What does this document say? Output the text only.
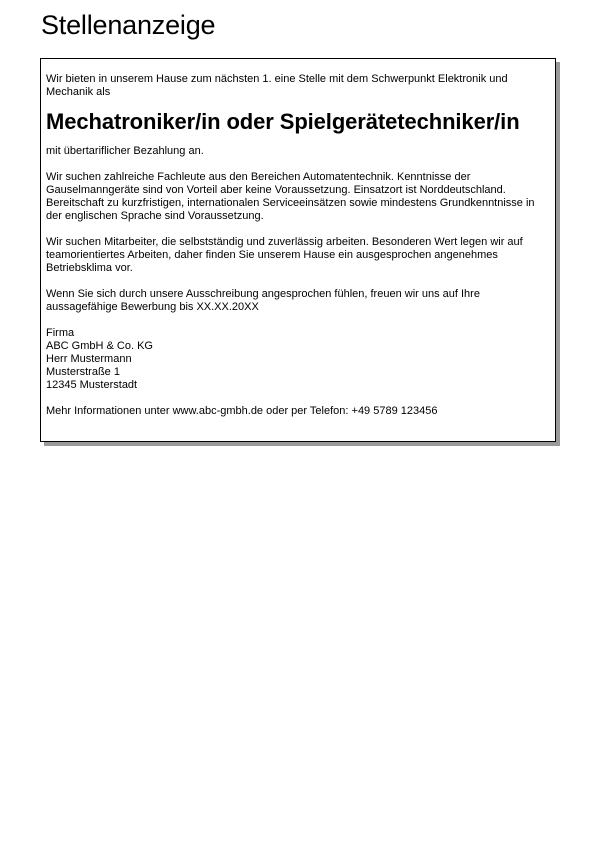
Stellenanzeige

Wir bieten in unserem Hause zum nächsten 1. eine Stelle mit dem Schwerpunkt Elektronik und Mechanik als

Mechatroniker/in oder Spielgerätetechniker/in

mit übertariflicher Bezahlung an.

Wir suchen zahlreiche Fachleute aus den Bereichen Automatentechnik. Kenntnisse der Gauselmanngeräte sind von Vorteil aber keine Voraussetzung. Einsatzort ist Norddeutschland. Bereitschaft zu kurzfristigen, internationalen Serviceeinsätzen sowie mindestens Grundkenntnisse in der englischen Sprache sind Voraussetzung.

Wir suchen Mitarbeiter, die selbstständig und zuverlässig arbeiten. Besonderen Wert legen wir auf teamorientiertes Arbeiten, daher finden Sie unserem Hause ein ausgesprochen angenehmes Betriebsklima vor.

Wenn Sie sich durch unsere Ausschreibung angesprochen fühlen, freuen wir uns auf Ihre aussagefähige Bewerbung bis XX.XX.20XX

Firma
ABC GmbH & Co. KG
Herr Mustermann
Musterstraße 1
12345 Musterstadt

Mehr Informationen unter www.abc-gmbh.de oder per Telefon: +49 5789 123456
